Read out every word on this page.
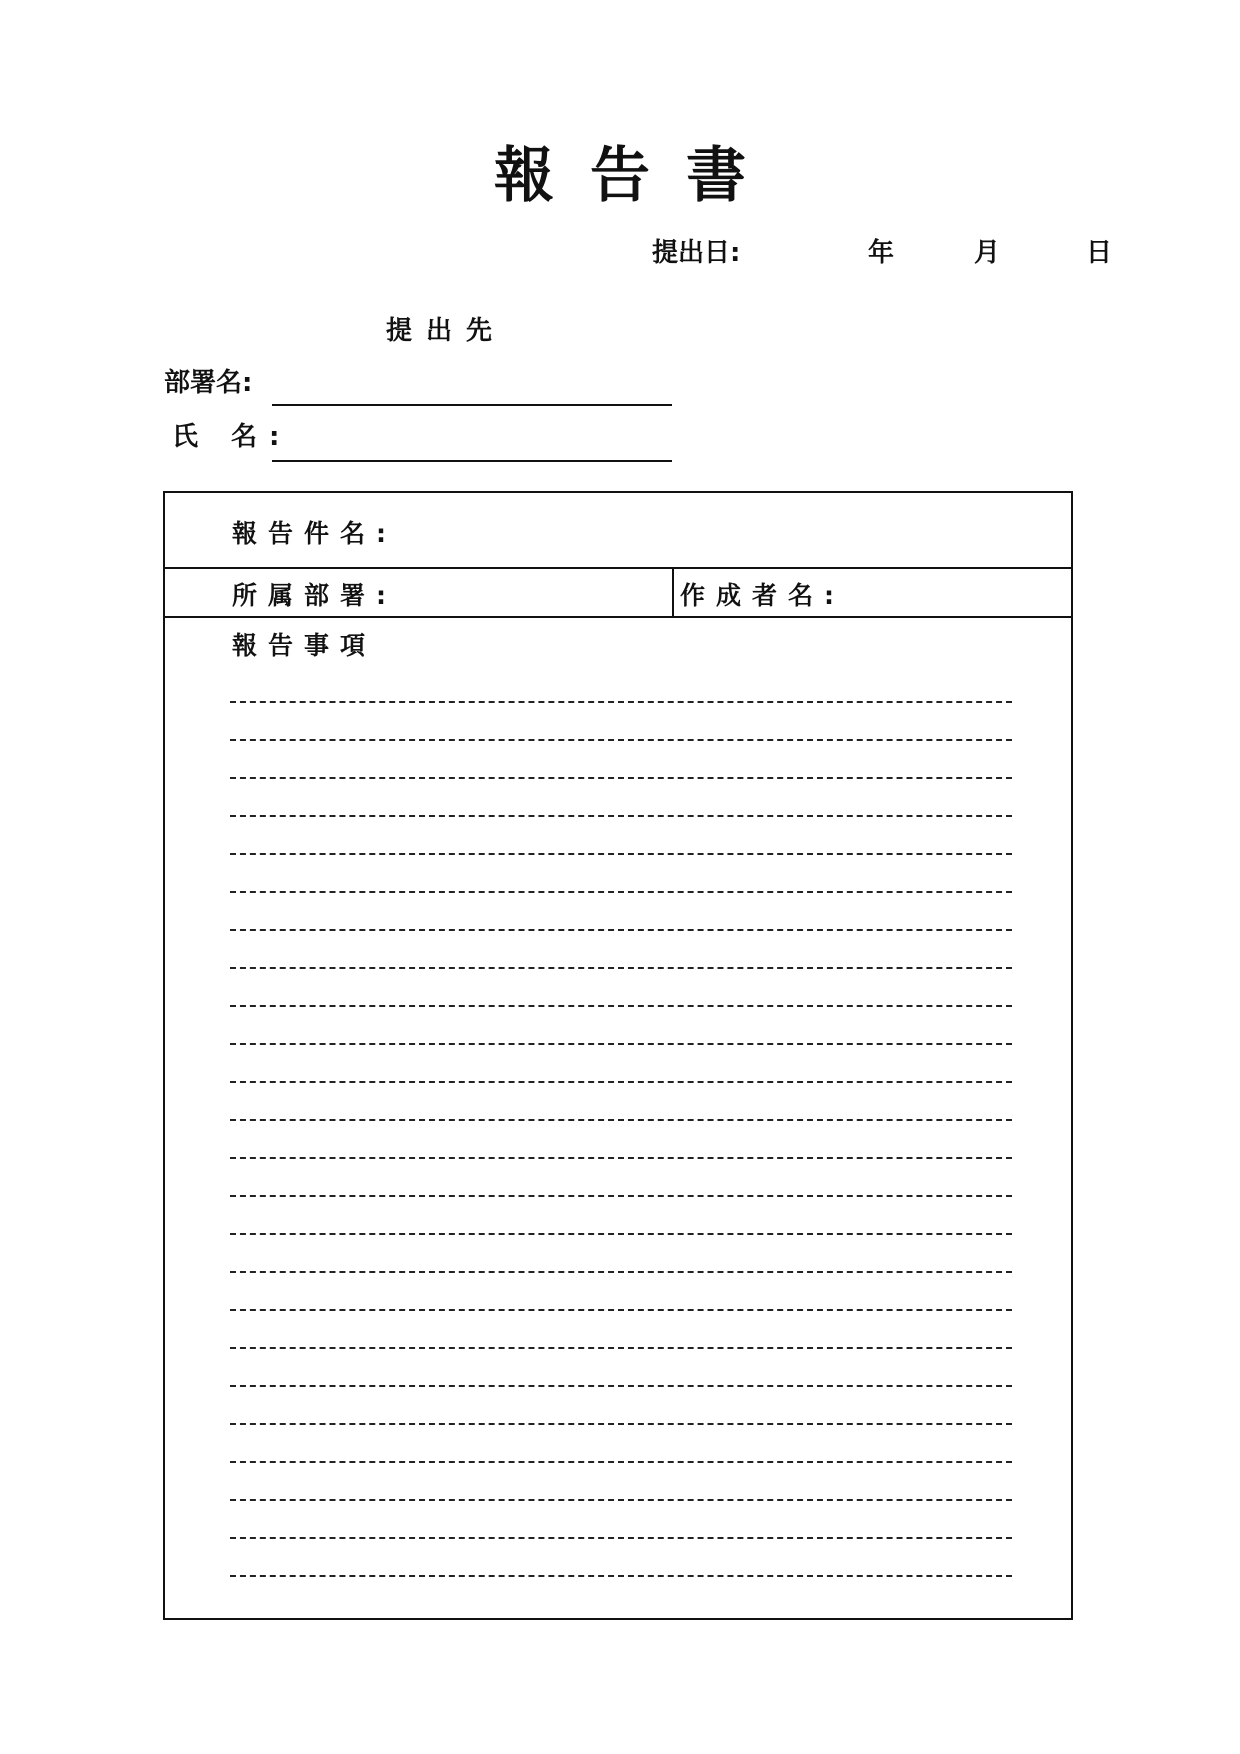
報告書
提出日:	年	月	日
提出先
部署名:
氏 名:
報告件名:
所属部署:	作成者名:
報告事項
